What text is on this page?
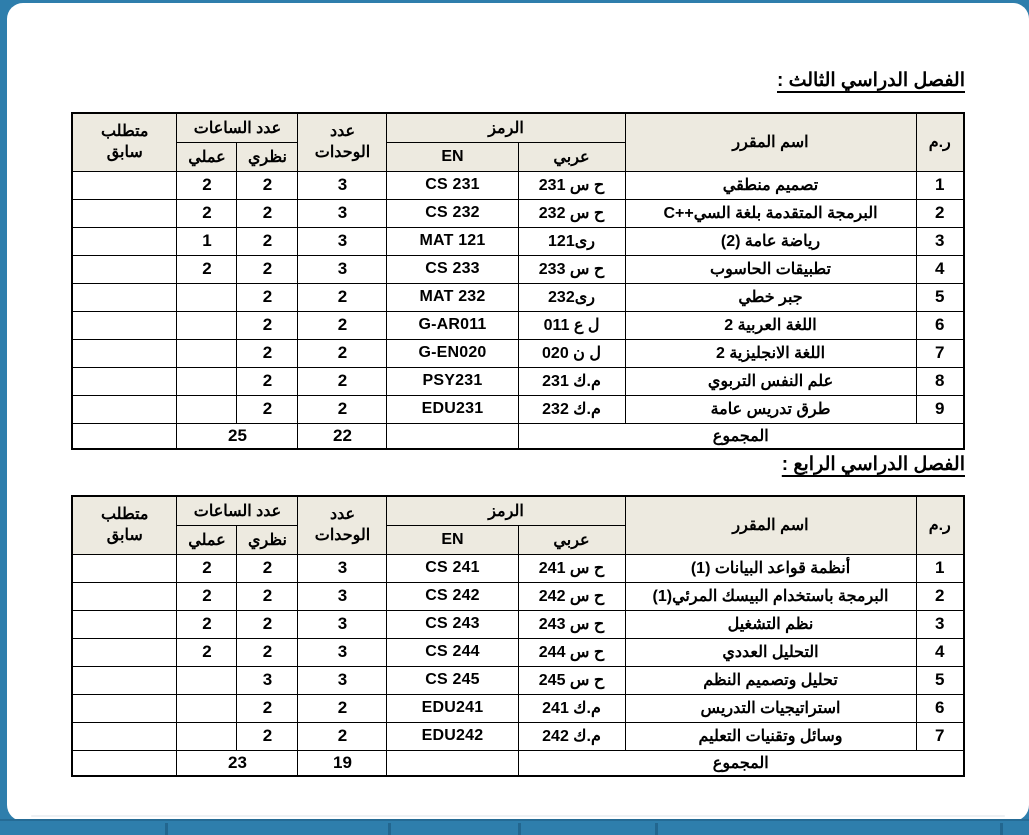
الفصل الدراسي الثالث :
ر.م	اسم المقرر	الرمز		عدد الوحدات	عدد الساعات		متطلب سابق
		عربي	EN		نظري	عملي	
1	تصميم منطقي	ح س 231	CS 231	3	2	2	
2	البرمجة المتقدمة بلغة السي++C	ح س 232	CS 232	3	2	2	
3	رياضة عامة (2)	رى121	MAT 121	3	2	1	
4	تطبيقات الحاسوب	ح س 233	CS 233	3	2	2	
5	جبر خطي	رى232	MAT 232	2	2		
6	اللغة العربية 2	ل ع 011	G-AR011	2	2		
7	اللغة الانجليزية 2	ل ن 020	G-EN020	2	2		
8	علم النفس التربوي	م.ك 231	PSY231	2	2		
9	طرق تدريس عامة	م.ك 232	EDU231	2	2		
المجموع				22	25		
الفصل الدراسي الرابع :
ر.م	اسم المقرر	الرمز		عدد الوحدات	عدد الساعات		متطلب سابق
		عربي	EN		نظري	عملي	
1	أنظمة قواعد البيانات (1)	ح س 241	CS 241	3	2	2	
2	البرمجة باستخدام البيسك المرئي(1)	ح س 242	CS 242	3	2	2	
3	نظم التشغيل	ح س 243	CS 243	3	2	2	
4	التحليل العددي	ح س 244	CS 244	3	2	2	
5	تحليل وتصميم النظم	ح س 245	CS 245	3	3		
6	استراتيجيات التدريس	م.ك 241	EDU241	2	2		
7	وسائل وتقنيات التعليم	م.ك 242	EDU242	2	2		
المجموع				19	23		
